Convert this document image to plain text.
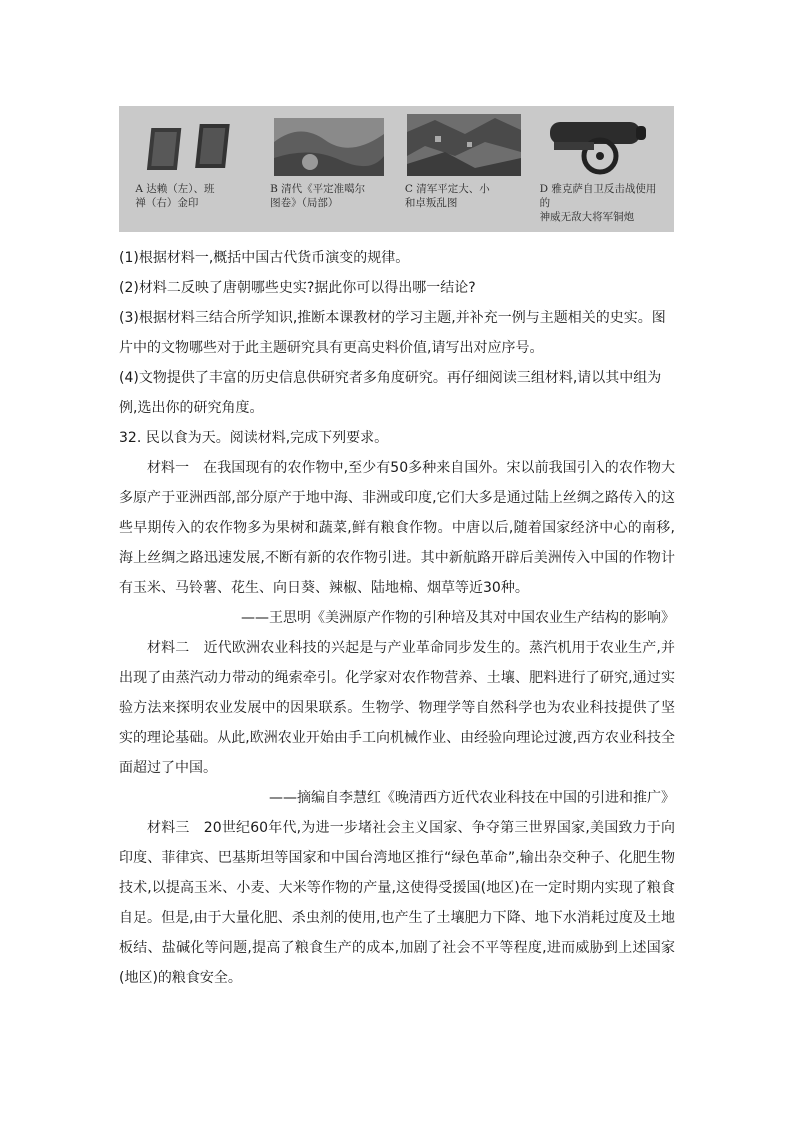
A 达赖（左）、班
禅（右）金印
B 清代《平定准噶尔
图卷》（局部）
C 清军平定大、小
和卓叛乱图
D 雅克萨自卫反击战使用的
神威无敌大将军铜炮

(1)根据材料一,概括中国古代货币演变的规律。

(2)材料二反映了唐朝哪些史实?据此你可以得出哪一结论?

(3)根据材料三结合所学知识,推断本课教材的学习主题,并补充一例与主题相关的史实。图片中的文物哪些对于此主题研究具有更高史料价值,请写出对应序号。

(4)文物提供了丰富的历史信息供研究者多角度研究。再仔细阅读三组材料,请以其中组为例,选出你的研究角度。

32. 民以食为天。阅读材料,完成下列要求。

材料一　在我国现有的农作物中,至少有50多种来自国外。宋以前我国引入的农作物大多原产于亚洲西部,部分原产于地中海、非洲或印度,它们大多是通过陆上丝绸之路传入的这些早期传入的农作物多为果树和蔬菜,鲜有粮食作物。中唐以后,随着国家经济中心的南移,海上丝绸之路迅速发展,不断有新的农作物引进。其中新航路开辟后美洲传入中国的作物计有玉米、马铃薯、花生、向日葵、辣椒、陆地棉、烟草等近30种。

——王思明《美洲原产作物的引种培及其对中国农业生产结构的影响》

材料二　近代欧洲农业科技的兴起是与产业革命同步发生的。蒸汽机用于农业生产,并出现了由蒸汽动力带动的绳索牵引。化学家对农作物营养、土壤、肥料进行了研究,通过实验方法来探明农业发展中的因果联系。生物学、物理学等自然科学也为农业科技提供了坚实的理论基础。从此,欧洲农业开始由手工向机械作业、由经验向理论过渡,西方农业科技全面超过了中国。

——摘编自李慧红《晚清西方近代农业科技在中国的引进和推广》

材料三　20世纪60年代,为进一步堵社会主义国家、争夺第三世界国家,美国致力于向印度、菲律宾、巴基斯坦等国家和中国台湾地区推行“绿色革命”,输出杂交种子、化肥生物技术,以提高玉米、小麦、大米等作物的产量,这使得受援国(地区)在一定时期内实现了粮食自足。但是,由于大量化肥、杀虫剂的使用,也产生了土壤肥力下降、地下水消耗过度及土地板结、盐碱化等问题,提高了粮食生产的成本,加剧了社会不平等程度,进而威胁到上述国家(地区)的粮食安全。
